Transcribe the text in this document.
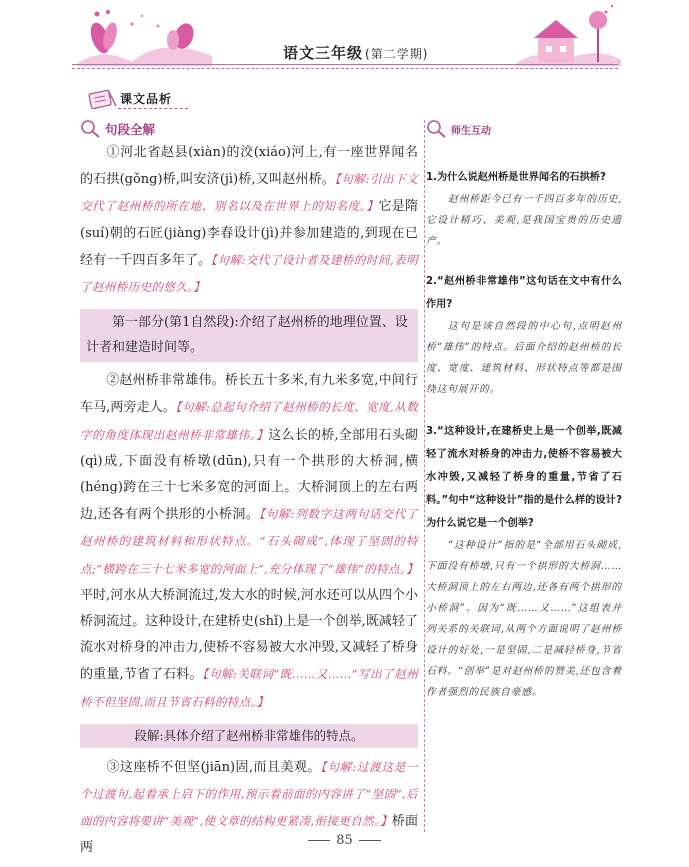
语文三年级 (第二学期)
课文品析
句段全解

①河北省赵县(xiàn)的洨(xiáo)河上,有一座世界闻名的石拱(gǒng)桥,叫安济(jì)桥,又叫赵州桥。【句解:引出下文交代了赵州桥的所在地、别名以及在世界上的知名度。】它是隋(suí)朝的石匠(jiàng)李春设计(jì)并参加建造的,到现在已经有一千四百多年了。【句解:交代了设计者及建桥的时间,表明了赵州桥历史的悠久。】

第一部分(第1自然段):介绍了赵州桥的地理位置、设计者和建造时间等。

②赵州桥非常雄伟。桥长五十多米,有九米多宽,中间行车马,两旁走人。【句解:总起句介绍了赵州桥的长度、宽度,从数字的角度体现出赵州桥非常雄伟。】这么长的桥,全部用石头砌(qì)成,下面没有桥墩(dūn),只有一个拱形的大桥洞,横(héng)跨在三十七米多宽的河面上。大桥洞顶上的左右两边,还各有两个拱形的小桥洞。【句解:列数字这两句话交代了赵州桥的建筑材料和形状特点。“石头砌成”,体现了坚固的特点;“横跨在三十七米多宽的河面上”,充分体现了“雄伟”的特点。】平时,河水从大桥洞流过,发大水的时候,河水还可以从四个小桥洞流过。这种设计,在建桥史(shǐ)上是一个创举,既减轻了流水对桥身的冲击力,使桥不容易被大水冲毁,又减轻了桥身的重量,节省了石料。【句解:关联词“既……又……”写出了赵州桥不但坚固,而且节省石料的特点。】

段解:具体介绍了赵州桥非常雄伟的特点。

③这座桥不但坚(jiān)固,而且美观。【句解:过渡这是一个过渡句,起着承上启下的作用,预示着前面的内容讲了“坚固”,后面的内容将要讲“美观”,使文章的结构更紧凑,衔接更自然。】桥面两

师生互动

1.为什么说赵州桥是世界闻名的石拱桥?

赵州桥距今已有一千四百多年的历史,它设计精巧、美观,是我国宝贵的历史遗产。

2.“赵州桥非常雄伟”这句话在文中有什么作用?

这句是该自然段的中心句,点明赵州桥“雄伟”的特点。后面介绍的赵州桥的长度、宽度、建筑材料、形状特点等都是围绕这句展开的。

3.“这种设计,在建桥史上是一个创举,既减轻了流水对桥身的冲击力,使桥不容易被大水冲毁,又减轻了桥身的重量,节省了石料。”句中“这种设计”指的是什么样的设计?为什么说它是一个创举?

“这种设计”指的是“全部用石头砌成,下面没有桥墩,只有一个拱形的大桥洞……大桥洞顶上的左右两边,还各有两个拱形的小桥洞”。因为“既……又……”这组表并列关系的关联词,从两个方面说明了赵州桥设计的好处,一是坚固,二是减轻桥身,节省石料。“创举”是对赵州桥的赞美,还包含着作者强烈的民族自豪感。

85
